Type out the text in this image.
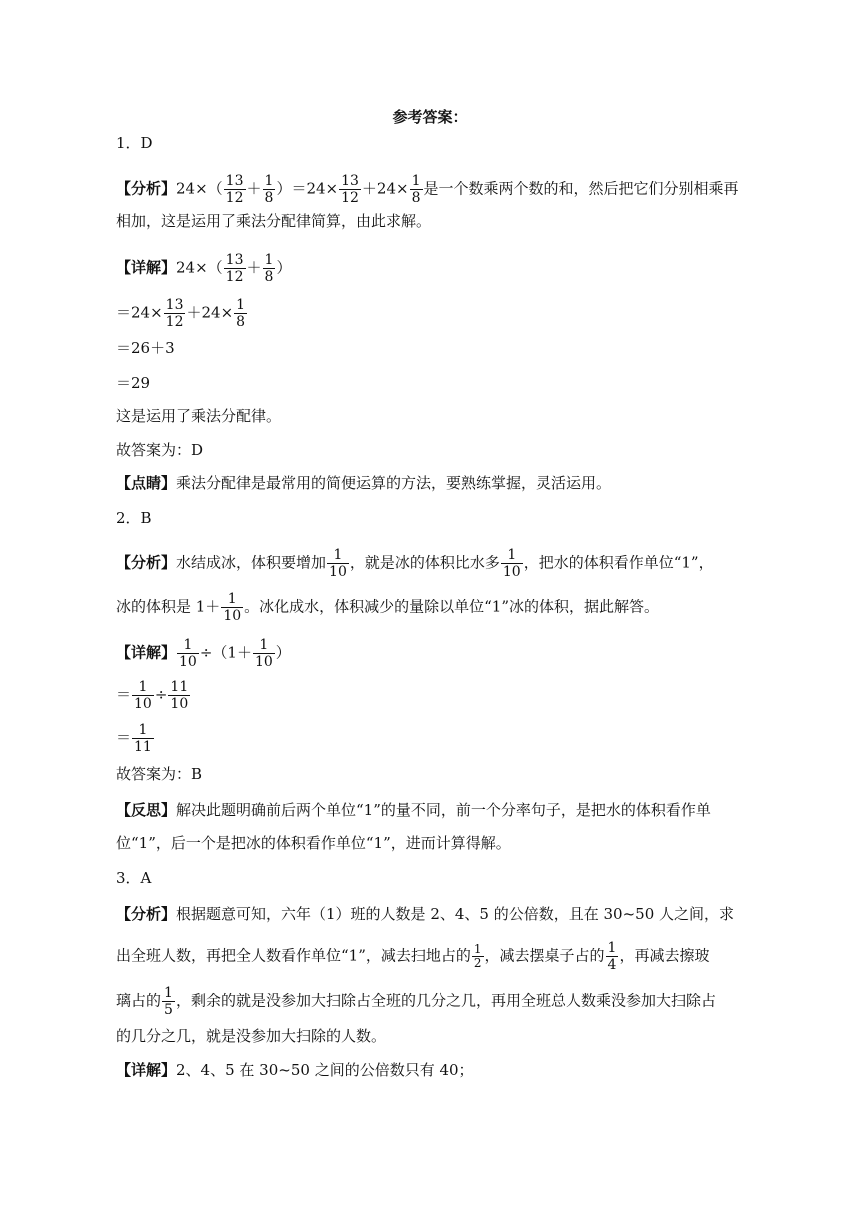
参考答案：
1．D
【分析】$24\times( \frac{13}{12} + \frac{1}{8} )=24\times \frac{13}{12} +24\times \frac{1}{8}$ 是一个数乘两个数的和，然后把它们分别相乘再
相加，这是运用了乘法分配律简算，由此求解。
【详解】$24\times( \frac{13}{12} + \frac{1}{8}$ ）
$=24\times \frac{13}{12} +24\times \frac{1}{8}$
＝26＋3
＝29
这是运用了乘法分配律。
故答案为：D
【点睛】乘法分配律是最常用的简便运算的方法，要熟练掌握，灵活运用。
2．B
【分析】水结成冰，体积要增加 $\frac{1}{10}$ ，就是冰的体积比水多 $\frac{1}{10}$ ，把水的体积看作单位“1”，
冰的体积是 $1+ \frac{1}{10}$ 。冰化成水，体积减少的量除以单位“1”冰的体积，据此解答。
【详解】 $\frac{1}{10} \div(1+ \frac{1}{10}$ ）
＝ $\frac{1}{10} \div \frac{11}{10}$
＝ $\frac{1}{11}$
故答案为：B
【反思】解决此题明确前后两个单位“1”的量不同，前一个分率句子，是把水的体积看作单
位“1”，后一个是把冰的体积看作单位“1”，进而计算得解。
3．A
【分析】根据题意可知，六年（1）班的人数是 2、4、5 的公倍数，且在 30~50 人之间，求
出全班人数，再把全人数看作单位“1”，减去扫地占的 $\frac{1}{2}$ ，减去摆桌子占的 $\frac{1}{4}$ ，再减去擦玻
璃占的 $\frac{1}{5}$ ，剩余的就是没参加大扫除占全班的几分之几，再用全班总人数乘没参加大扫除占
的几分之几，就是没参加大扫除的人数。
【详解】2、4、5 在 30~50 之间的公倍数只有 40；
